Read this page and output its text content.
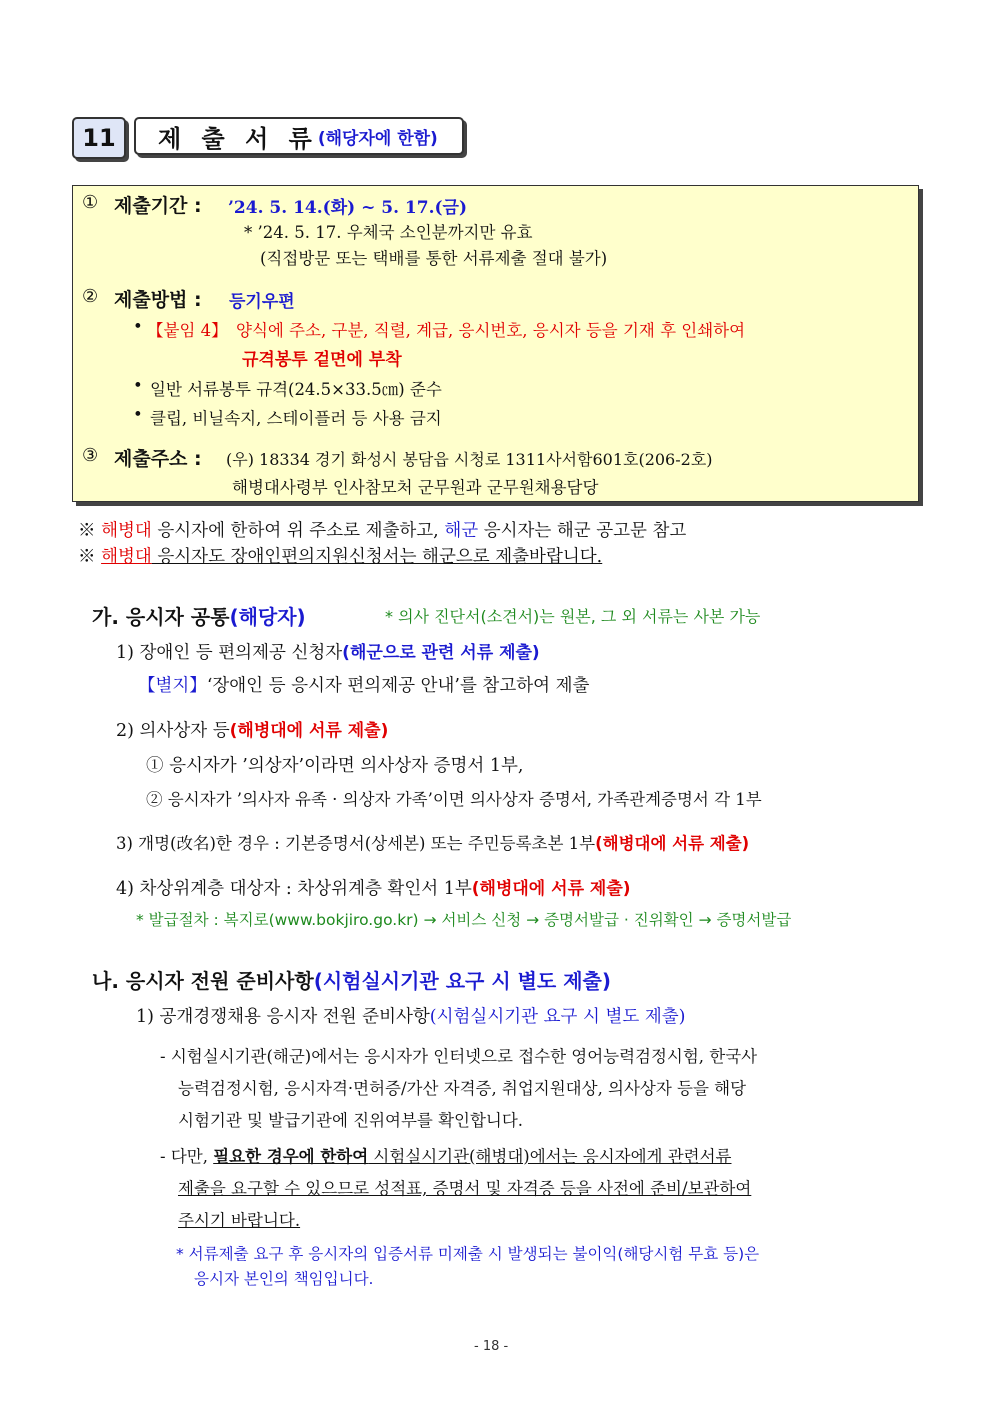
11	제 출 서 류 (해당자에 한함)
① 제출기간 : ’24. 5. 14.(화) ~ 5. 17.(금)
* ’24. 5. 17. 우체국 소인분까지만 유효
(직접방문 또는 택배를 통한 서류제출 절대 불가)
② 제출방법 : 등기우편
• 【붙임 4】 양식에 주소, 구분, 직렬, 계급, 응시번호, 응시자 등을 기재 후 인쇄하여
규격봉투 겉면에 부착
• 일반 서류봉투 규격(24.5×33.5㎝) 준수
• 클립, 비닐속지, 스테이플러 등 사용 금지
③ 제출주소 : (우) 18334 경기 화성시 봉담읍 시청로 1311사서함601호(206-2호)
해병대사령부 인사참모처 군무원과 군무원채용담당
※ 해병대 응시자에 한하여 위 주소로 제출하고, 해군 응시자는 해군 공고문 참고
※ 해병대 응시자도 장애인편의지원신청서는 해군으로 제출바랍니다.
가. 응시자 공통(해당자)	* 의사 진단서(소견서)는 원본, 그 외 서류는 사본 가능
1) 장애인 등 편의제공 신청자(해군으로 관련 서류 제출)
【별지】‘장애인 등 응시자 편의제공 안내’를 참고하여 제출
2) 의사상자 등(해병대에 서류 제출)
① 응시자가 ’의상자’이라면 의사상자 증명서 1부,
② 응시자가 ’의사자 유족 · 의상자 가족’이면 의사상자 증명서, 가족관계증명서 각 1부
3) 개명(改名)한 경우 : 기본증명서(상세본) 또는 주민등록초본 1부(해병대에 서류 제출)
4) 차상위계층 대상자 : 차상위계층 확인서 1부(해병대에 서류 제출)
* 발급절차 : 복지로(www.bokjiro.go.kr) → 서비스 신청 → 증명서발급 · 진위확인 → 증명서발급
나. 응시자 전원 준비사항(시험실시기관 요구 시 별도 제출)
1) 공개경쟁채용 응시자 전원 준비사항(시험실시기관 요구 시 별도 제출)
- 시험실시기관(해군)에서는 응시자가 인터넷으로 접수한 영어능력검정시험, 한국사
능력검정시험, 응시자격·면허증/가산 자격증, 취업지원대상, 의사상자 등을 해당
시험기관 및 발급기관에 진위여부를 확인합니다.
- 다만, 필요한 경우에 한하여 시험실시기관(해병대)에서는 응시자에게 관련서류
제출을 요구할 수 있으므로 성적표, 증명서 및 자격증 등을 사전에 준비/보관하여
주시기 바랍니다.
* 서류제출 요구 후 응시자의 입증서류 미제출 시 발생되는 불이익(해당시험 무효 등)은
응시자 본인의 책임입니다.
- 18 -
